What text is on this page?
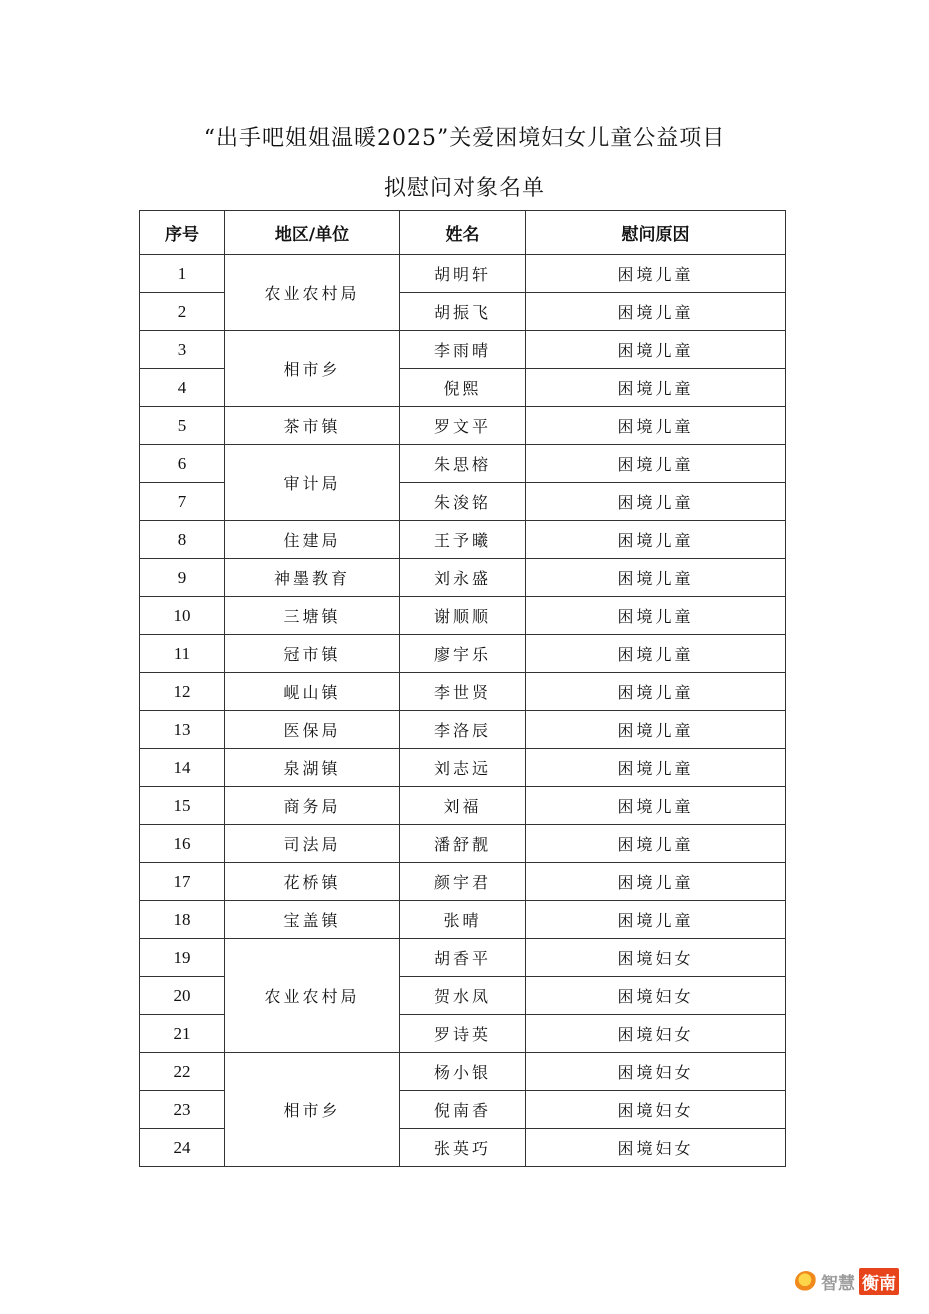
“出手吧姐姐温暖2025”关爱困境妇女儿童公益项目
拟慰问对象名单
序号	地区/单位	姓名	慰问原因
1	农业农村局	胡明轩	困境儿童
2		胡振飞	困境儿童
3	相市乡	李雨晴	困境儿童
4		倪熙	困境儿童
5	茶市镇	罗文平	困境儿童
6	审计局	朱思榕	困境儿童
7		朱浚铭	困境儿童
8	住建局	王予曦	困境儿童
9	神墨教育	刘永盛	困境儿童
10	三塘镇	谢顺顺	困境儿童
11	冠市镇	廖宇乐	困境儿童
12	岘山镇	李世贤	困境儿童
13	医保局	李洛辰	困境儿童
14	泉湖镇	刘志远	困境儿童
15	商务局	刘福	困境儿童
16	司法局	潘舒靓	困境儿童
17	花桥镇	颜宇君	困境儿童
18	宝盖镇	张晴	困境儿童
19	农业农村局	胡香平	困境妇女
20		贺水凤	困境妇女
21		罗诗英	困境妇女
22	相市乡	杨小银	困境妇女
23		倪南香	困境妇女
24		张英巧	困境妇女
智慧 衡南
